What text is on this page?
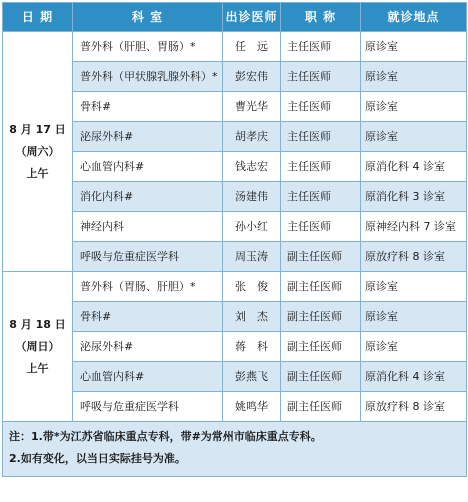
日 期	科 室	出诊医师	职 称	就诊地点

8 月 17 日
（周六）
上午	普外科（肝胆、胃肠）*	任　远	主任医师	原诊室
	普外科（甲状腺乳腺外科）*	彭宏伟	主任医师	原诊室
	骨科#	曹光华	主任医师	原诊室
	泌尿外科#	胡孝庆	主任医师	原诊室
	心血管内科#	钱志宏	主任医师	原消化科 4 诊室
	消化内科#	汤建伟	主任医师	原消化科 3 诊室
	神经内科	孙小红	主任医师	原神经内科 7 诊室
	呼吸与危重症医学科	周玉涛	副主任医师	原放疗科 8 诊室

8 月 18 日
（周日）
上午	普外科（胃肠、肝胆）*	张　俊	副主任医师	原诊室
	骨科#	刘　杰	副主任医师	原诊室
	泌尿外科#	蒋　科	副主任医师	原诊室
	心血管内科#	彭燕飞	副主任医师	原消化科 4 诊室
	呼吸与危重症医学科	姚鸣华	副主任医师	原放疗科 8 诊室

注：1.带*为江苏省临床重点专科，带#为常州市临床重点专科。
2.如有变化，以当日实际挂号为准。				
